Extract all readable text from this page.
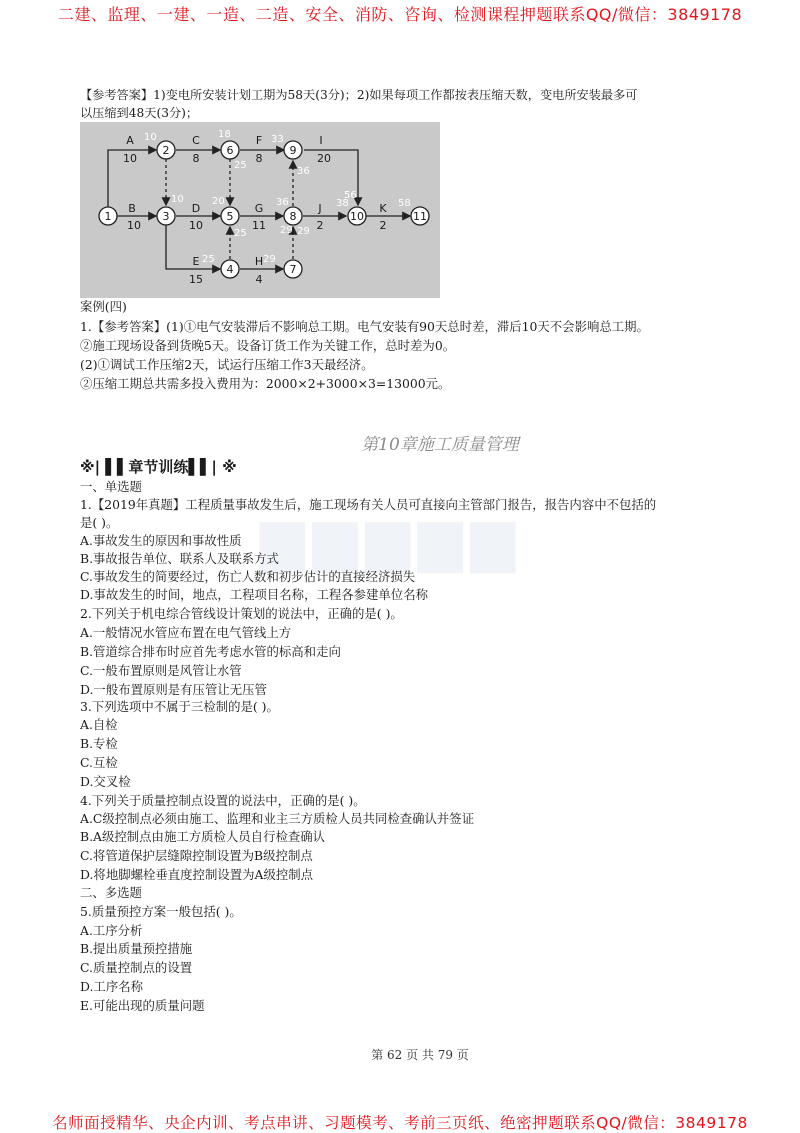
二建、监理、一建、一造、二造、安全、消防、咨询、检测课程押题联系QQ/微信：3849178
▆▆▆▆▆
【参考答案】1)变电所安装计划工期为58天(3分)；2)如果每项工作都按表压缩天数，变电所安装最多可
以压缩到48天(3分)；
1
2
3
4
5
6
7
8
9
10	11
A
B
C
D
E
F
G
H
I
J	K
10
10
8
10
15
8
11
4
20
2	2
10	18	33
25
36
10	20	36	38
56
58
25	29
25	29
29
案例(四)
1.【参考答案】(1)①电气安装滞后不影响总工期。电气安装有90天总时差，滞后10天不会影响总工期。
②施工现场设备到货晚5天。设备订货工作为关键工作，总时差为0。
(2)①调试工作压缩2天，试运行压缩工作3天最经济。
②压缩工期总共需多投入费用为：2000×2+3000×3=13000元。
第10章施工质量管理
※| ▌▌章节训练▌▌| ※
一、单选题
1.【2019年真题】工程质量事故发生后，施工现场有关人员可直接向主管部门报告，报告内容中不包括的
是( )。
A.事故发生的原因和事故性质
B.事故报告单位、联系人及联系方式
C.事故发生的简要经过，伤亡人数和初步估计的直接经济损失
D.事故发生的时间，地点，工程项目名称，工程各参建单位名称
2.下列关于机电综合管线设计策划的说法中，正确的是( )。
A.一般情况水管应布置在电气管线上方
B.管道综合排布时应首先考虑水管的标高和走向
C.一般布置原则是风管让水管
D.一般布置原则是有压管让无压管
3.下列选项中不属于三检制的是( )。
A.自检
B.专检
C.互检
D.交叉检
4.下列关于质量控制点设置的说法中，正确的是( )。
A.C级控制点必须由施工、监理和业主三方质检人员共同检查确认并签证
B.A级控制点由施工方质检人员自行检查确认
C.将管道保护层缝隙控制设置为B级控制点
D.将地脚螺栓垂直度控制设置为A级控制点
二、多选题
5.质量预控方案一般包括( )。
A.工序分析
B.提出质量预控措施
C.质量控制点的设置
D.工序名称
E.可能出现的质量问题
第 62 页 共 79 页
名师面授精华、央企内训、考点串讲、习题模考、考前三页纸、绝密押题联系QQ/微信：3849178
